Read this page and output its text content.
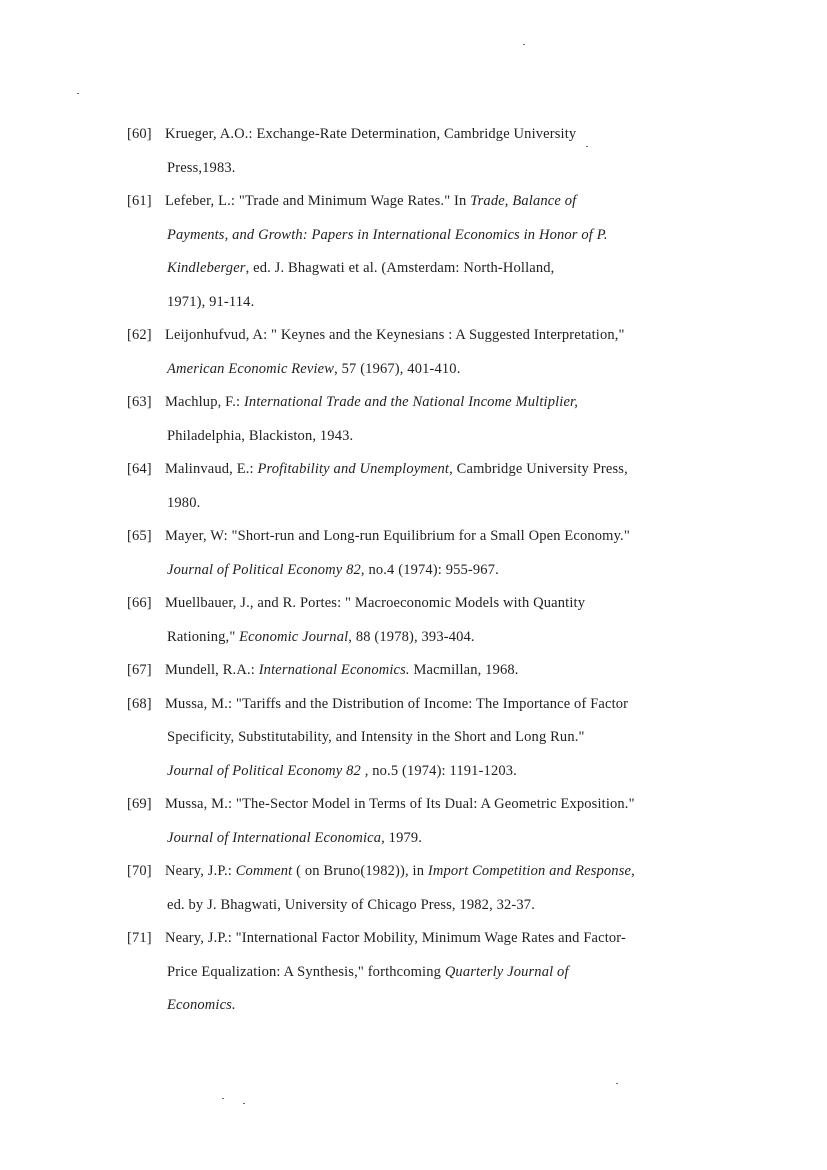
[60] Krueger, A.O.: Exchange-Rate Determination, Cambridge University
Press,1983.
[61] Lefeber, L.: "Trade and Minimum Wage Rates." In Trade, Balance of
Payments, and Growth: Papers in International Economics in Honor of P.
Kindleberger, ed. J. Bhagwati et al. (Amsterdam: North-Holland,
1971), 91-114.
[62] Leijonhufvud, A: " Keynes and the Keynesians : A Suggested Interpretation,"
American Economic Review, 57 (1967), 401-410.
[63] Machlup, F.: International Trade and the National Income Multiplier,
Philadelphia, Blackiston, 1943.
[64] Malinvaud, E.: Profitability and Unemployment, Cambridge University Press,
1980.
[65] Mayer, W: "Short-run and Long-run Equilibrium for a Small Open Economy."
Journal of Political Economy 82, no.4 (1974): 955-967.
[66] Muellbauer, J., and R. Portes: " Macroeconomic Models with Quantity
Rationing," Economic Journal, 88 (1978), 393-404.
[67] Mundell, R.A.: International Economics. Macmillan, 1968.
[68] Mussa, M.: "Tariffs and the Distribution of Income: The Importance of Factor
Specificity, Substitutability, and Intensity in the Short and Long Run."
Journal of Political Economy 82 , no.5 (1974): 1191-1203.
[69] Mussa, M.: "The-Sector Model in Terms of Its Dual: A Geometric Exposition."
Journal of International Economica, 1979.
[70] Neary, J.P.: Comment ( on Bruno(1982)), in Import Competition and Response,
ed. by J. Bhagwati, University of Chicago Press, 1982, 32-37.
[71] Neary, J.P.: "International Factor Mobility, Minimum Wage Rates and Factor-
Price Equalization: A Synthesis," forthcoming Quarterly Journal of
Economics.
